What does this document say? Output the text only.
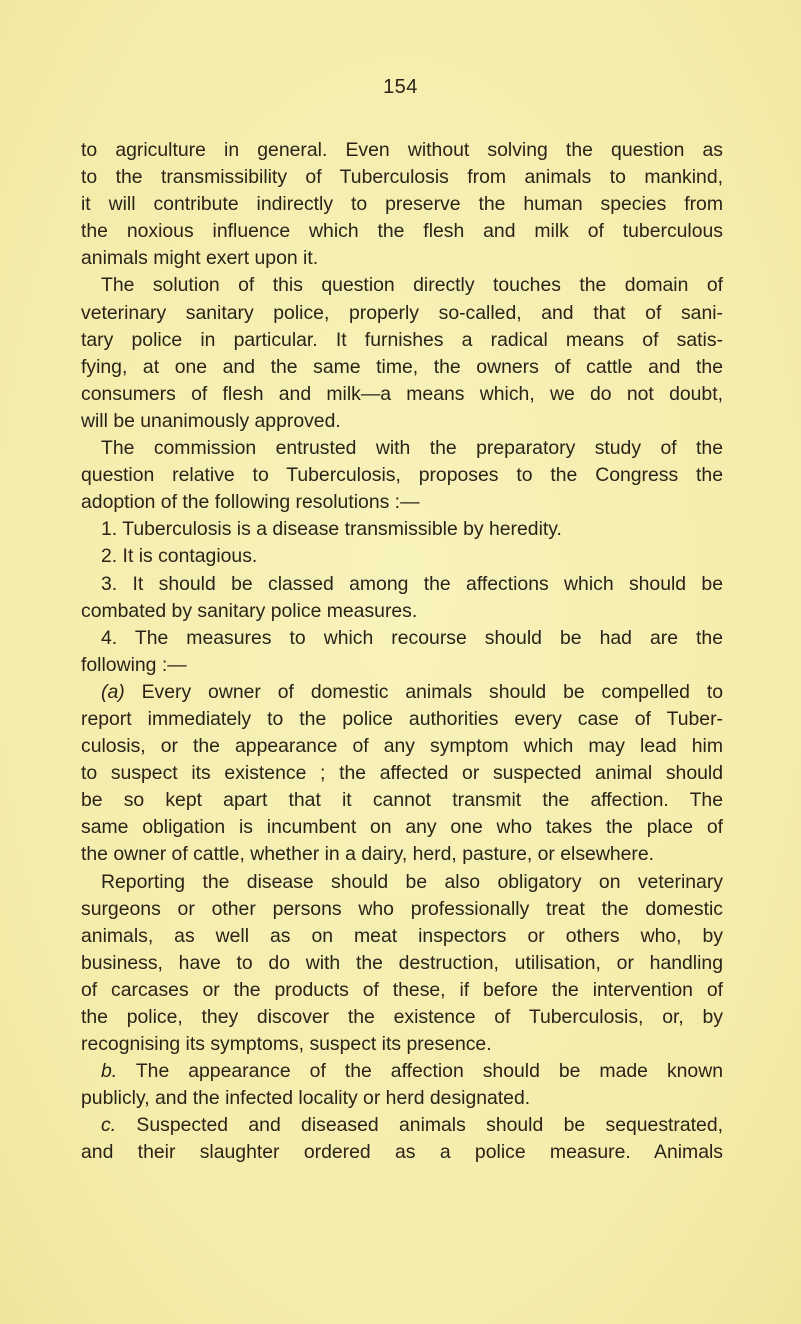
154

to agriculture in general. Even without solving the question as

to the transmissibility of Tuberculosis from animals to mankind,

it will contribute indirectly to preserve the human species from

the noxious influence which the flesh and milk of tuberculous

animals might exert upon it.

The solution of this question directly touches the domain of

veterinary sanitary police, properly so-called, and that of sani-

tary police in particular. It furnishes a radical means of satis-

fying, at one and the same time, the owners of cattle and the

consumers of flesh and milk—a means which, we do not doubt,

will be unanimously approved.

The commission entrusted with the preparatory study of the

question relative to Tuberculosis, proposes to the Congress the

adoption of the following resolutions :—

1. Tuberculosis is a disease transmissible by heredity.

2. It is contagious.

3. It should be classed among the affections which should be

combated by sanitary police measures.

4. The measures to which recourse should be had are the

following :—

(a) Every owner of domestic animals should be compelled to

report immediately to the police authorities every case of Tuber-

culosis, or the appearance of any symptom which may lead him

to suspect its existence ; the affected or suspected animal should

be so kept apart that it cannot transmit the affection. The

same obligation is incumbent on any one who takes the place of

the owner of cattle, whether in a dairy, herd, pasture, or elsewhere.

Reporting the disease should be also obligatory on veterinary

surgeons or other persons who professionally treat the domestic

animals, as well as on meat inspectors or others who, by

business, have to do with the destruction, utilisation, or handling

of carcases or the products of these, if before the intervention of

the police, they discover the existence of Tuberculosis, or, by

recognising its symptoms, suspect its presence.

b. The appearance of the affection should be made known

publicly, and the infected locality or herd designated.

c. Suspected and diseased animals should be sequestrated,

and their slaughter ordered as a police measure. Animals
